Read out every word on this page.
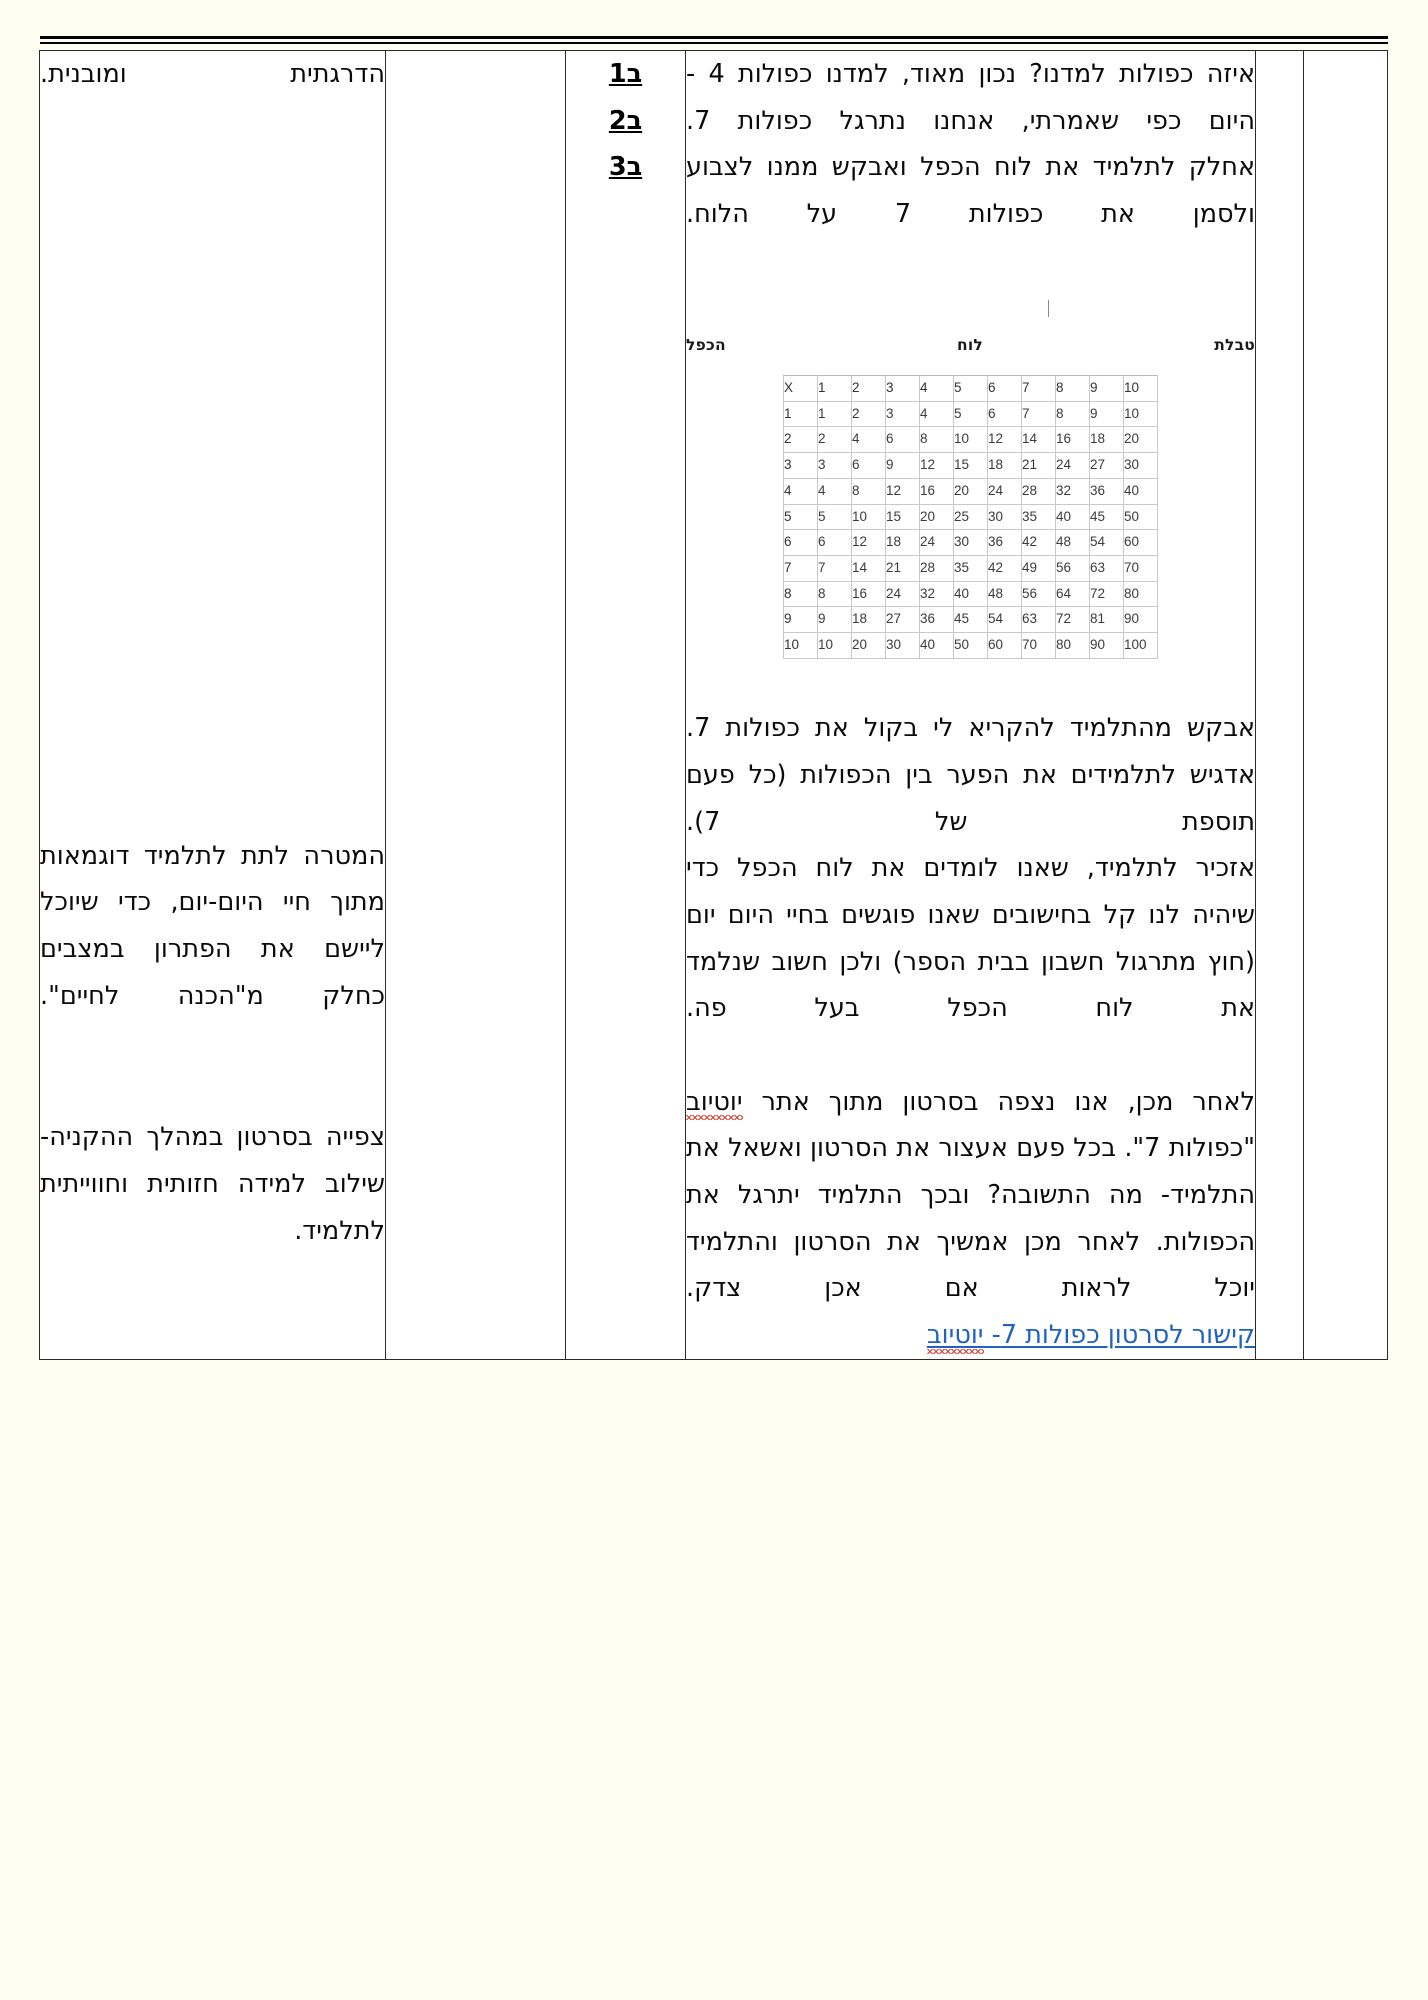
איזה כפולות למדנו? נכון מאוד, למדנו כפולות 4 -היום כפי שאמרתי, אנחנו נתרגל כפולות 7.

אחלק לתלמיד את לוח הכפל ואבקש ממנו לצבוע ולסמן את כפולות 7 על הלוח.

טבלת לוח הכפל
X	1	2	3	4	5	6	7	8	9	10
1	1	2	3	4	5	6	7	8	9	10
2	2	4	6	8	10	12	14	16	18	20
3	3	6	9	12	15	18	21	24	27	30
4	4	8	12	16	20	24	28	32	36	40
5	5	10	15	20	25	30	35	40	45	50
6	6	12	18	24	30	36	42	48	54	60
7	7	14	21	28	35	42	49	56	63	70
8	8	16	24	32	40	48	56	64	72	80
9	9	18	27	36	45	54	63	72	81	90
10	10	20	30	40	50	60	70	80	90	100

אבקש מהתלמיד להקריא לי בקול את כפולות 7.

אדגיש לתלמידים את הפער בין הכפולות (כל פעם תוספת של 7).

אזכיר לתלמיד, שאנו לומדים את לוח הכפל כדי שיהיה לנו קל בחישובים שאנו פוגשים בחיי היום יום (חוץ מתרגול חשבון בבית הספר) ולכן חשוב שנלמד את לוח הכפל בעל פה.

לאחר מכן, אנו נצפה בסרטון מתוך אתר יוטיוב "כפולות 7". בכל פעם אעצור את הסרטון ואשאל את התלמיד- מה התשובה? ובכך התלמיד יתרגל את הכפולות. לאחר מכן אמשיך את הסרטון והתלמיד יוכל לראות אם אכן צדק.

קישור לסרטון כפולות 7- יוטיוב

ב1
ב2
ב3

הדרגתית ומובנית.

המטרה לתת לתלמיד דוגמאות מתוך חיי היום-יום, כדי שיוכל ליישם את הפתרון במצבים כחלק מ"הכנה לחיים".

צפייה בסרטון במהלך ההקניה- שילוב למידה חזותית וחווייתית לתלמיד.
